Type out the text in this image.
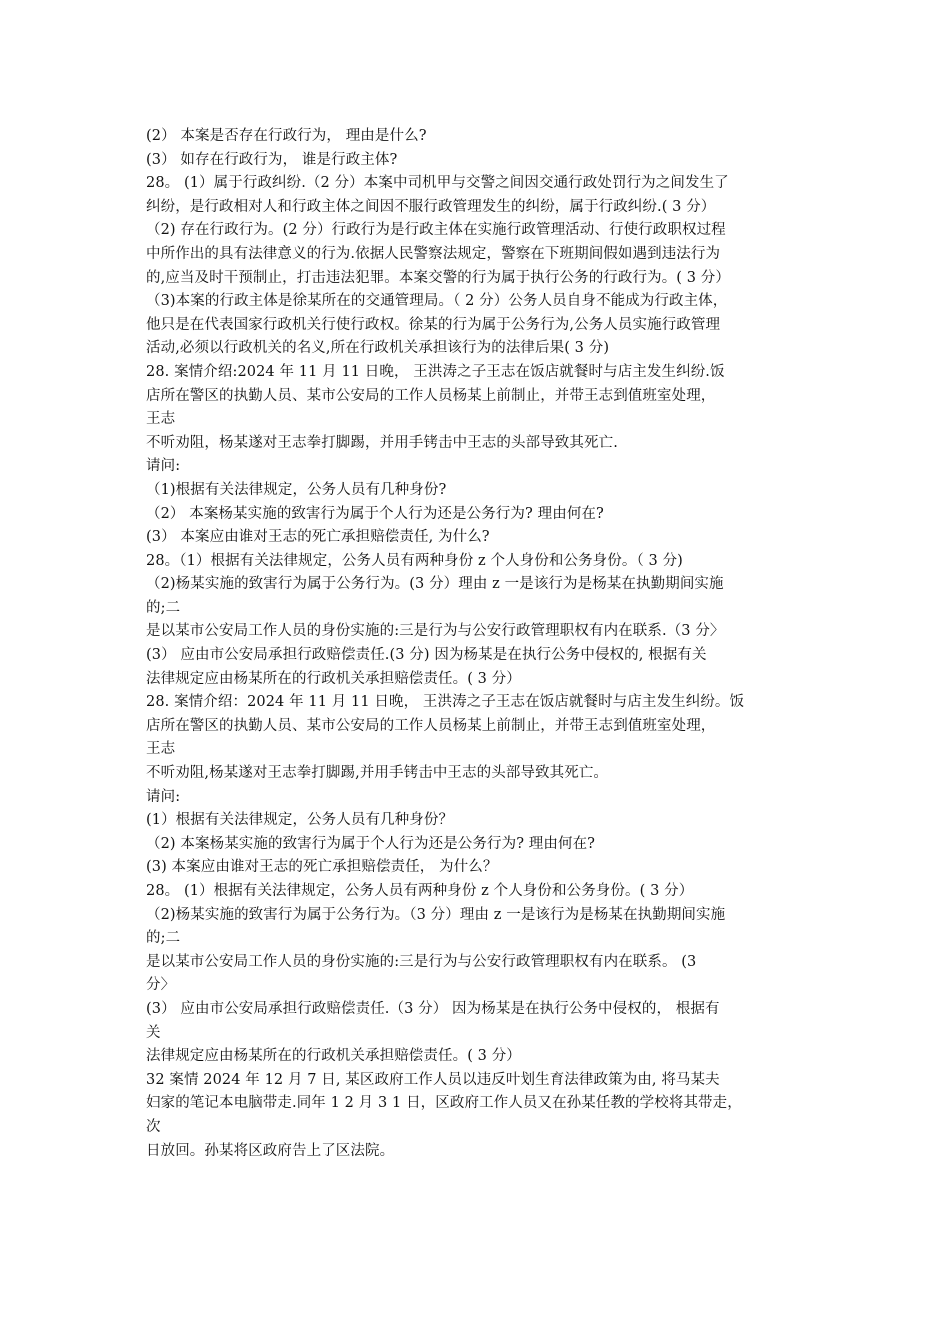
(2） 本案是否存在行政行为， 理由是什么?
(3） 如存在行政行为， 谁是行政主体?
28。 (1）属于行政纠纷.（2 分）本案中司机甲与交警之间因交通行政处罚行为之间发生了
纠纷，是行政相对人和行政主体之间因不服行政管理发生的纠纷，属于行政纠纷.( 3 分）
（2) 存在行政行为。(2 分）行政行为是行政主体在实施行政管理活动、行使行政职权过程
中所作出的具有法律意义的行为.依据人民警察法规定，警察在下班期间假如遇到违法行为
的,应当及时干预制止，打击违法犯罪。本案交警的行为属于执行公务的行政行为。( 3 分）
（3)本案的行政主体是徐某所在的交通管理局。（ 2 分）公务人员自身不能成为行政主体，
他只是在代表国家行政机关行使行政权。徐某的行为属于公务行为,公务人员实施行政管理
活动,必须以行政机关的名义,所在行政机关承担该行为的法律后果( 3 分)
28. 案情介绍:2024 年 11 月 11 日晚， 王洪涛之子王志在饭店就餐时与店主发生纠纷.饭
店所在警区的执勤人员、某市公安局的工作人员杨某上前制止，并带王志到值班室处理，
王志
不听劝阻，杨某遂对王志拳打脚踢，并用手铐击中王志的头部导致其死亡.
请问:
（1)根据有关法律规定，公务人员有几种身份?
（2） 本案杨某实施的致害行为属于个人行为还是公务行为? 理由何在?
(3） 本案应由谁对王志的死亡承担赔偿责任, 为什么?
28。（1）根据有关法律规定，公务人员有两种身份 z 个人身份和公务身份。（ 3 分)
（2)杨某实施的致害行为属于公务行为。(3 分）理由 z 一是该行为是杨某在执勤期间实施
的;二
是以某市公安局工作人员的身份实施的:三是行为与公安行政管理职权有内在联系.（3 分〉
(3） 应由市公安局承担行政赔偿责任.(3 分) 因为杨某是在执行公务中侵权的, 根据有关
法律规定应由杨某所在的行政机关承担赔偿责任。( 3 分）
28. 案情介绍：2024 年 11 月 11 日晚， 王洪涛之子王志在饭店就餐时与店主发生纠纷。饭
店所在警区的执勤人员、某市公安局的工作人员杨某上前制止，并带王志到值班室处理，
王志
不听劝阻,杨某遂对王志拳打脚踢,并用手铐击中王志的头部导致其死亡。
请问:
(1）根据有关法律规定，公务人员有几种身份？
（2) 本案杨某实施的致害行为属于个人行为还是公务行为? 理由何在?
(3) 本案应由谁对王志的死亡承担赔偿责任， 为什么？
28。 (1）根据有关法律规定，公务人员有两种身份 z 个人身份和公务身份。( 3 分）
（2)杨某实施的致害行为属于公务行为。（3 分）理由 z 一是该行为是杨某在执勤期间实施
的;二
是以某市公安局工作人员的身份实施的:三是行为与公安行政管理职权有内在联系。 (3
分〉
(3） 应由市公安局承担行政赔偿责任.（3 分） 因为杨某是在执行公务中侵权的， 根据有
关
法律规定应由杨某所在的行政机关承担赔偿责任。( 3 分）
32 案情 2024 年 12 月 7 日, 某区政府工作人员以违反叶划生育法律政策为由, 将马某夫
妇家的笔记本电脑带走.同年 1 2 月 3 1 日，区政府工作人员又在孙某任教的学校将其带走，
次
日放回。孙某将区政府告上了区法院。
